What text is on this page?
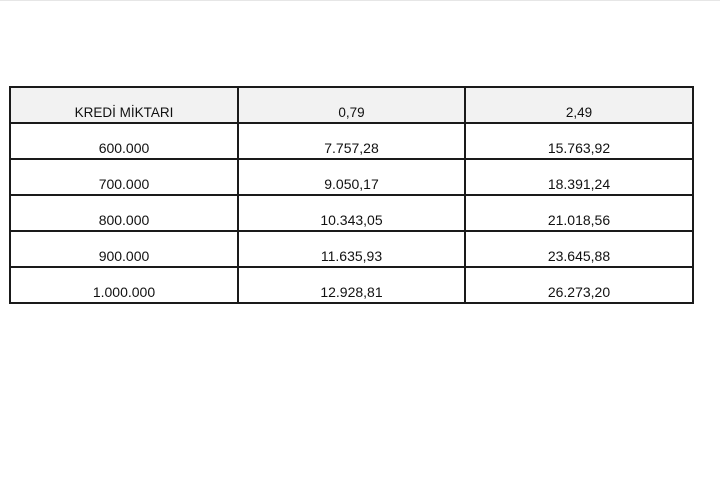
KREDİ MİKTARI	0,79	2,49
600.000	7.757,28	15.763,92
700.000	9.050,17	18.391,24
800.000	10.343,05	21.018,56
900.000	11.635,93	23.645,88
1.000.000	12.928,81	26.273,20
